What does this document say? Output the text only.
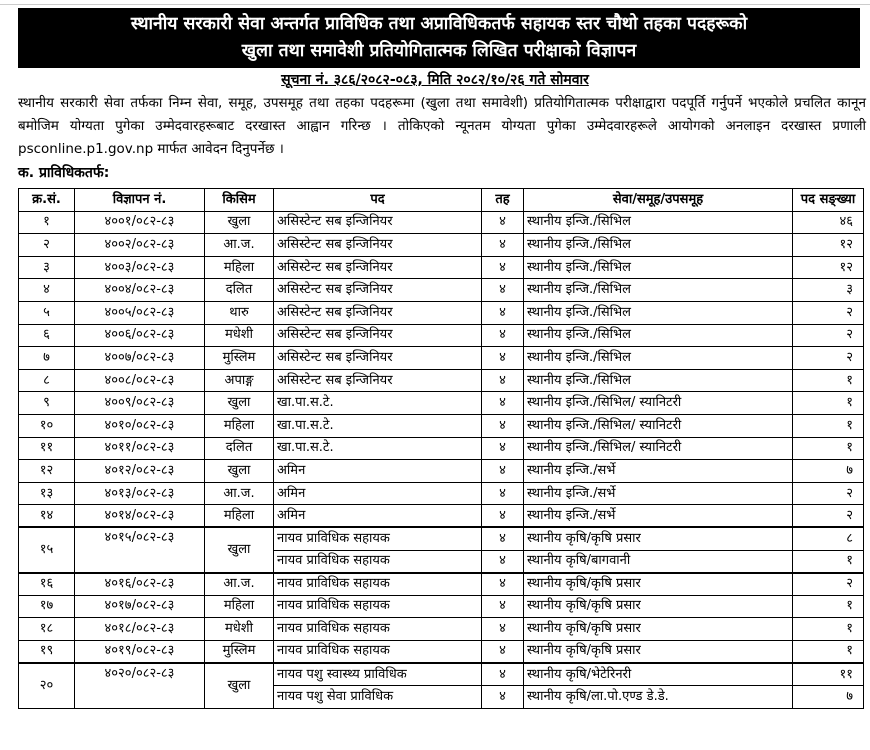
स्थानीय सरकारी सेवा अन्तर्गत प्राविधिक तथा अप्राविधिकतर्फ सहायक स्तर चौथो तहका पदहरूको
खुला तथा समावेशी प्रतियोगितात्मक लिखित परीक्षाको विज्ञापन
सूचना नं. ३८६/२०८२-०८३, मिति २०८२/१०/२६ गते सोमवार
स्थानीय सरकारी सेवा तर्फका निम्न सेवा, समूह, उपसमूह तथा तहका पदहरूमा (खुला तथा समावेशी) प्रतियोगितात्मक परीक्षाद्वारा पदपूर्ति गर्नुपर्ने भएकोले प्रचलित कानून बमोजिम योग्यता पुगेका उम्मेदवारहरूबाट दरखास्त आह्वान गरिन्छ । तोकिएको न्यूनतम योग्यता पुगेका उम्मेदवारहरूले आयोगको अनलाइन दरखास्त प्रणाली psconline.p1.gov.np मार्फत आवेदन दिनुपर्नेछ ।
क. प्राविधिकतर्फ:
क्र.सं.	विज्ञापन नं.	किसिम	पद	तह	सेवा/समूह/उपसमूह	पद सङ्ख्या
१	४००१/०८२-८३	खुला	असिस्टेन्ट सब इन्जिनियर	४	स्थानीय इन्जि./सिभिल	४६
२	४००२/०८२-८३	आ.ज.	असिस्टेन्ट सब इन्जिनियर	४	स्थानीय इन्जि./सिभिल	१२
३	४००३/०८२-८३	महिला	असिस्टेन्ट सब इन्जिनियर	४	स्थानीय इन्जि./सिभिल	१२
४	४००४/०८२-८३	दलित	असिस्टेन्ट सब इन्जिनियर	४	स्थानीय इन्जि./सिभिल	३
५	४००५/०८२-८३	थारु	असिस्टेन्ट सब इन्जिनियर	४	स्थानीय इन्जि./सिभिल	२
६	४००६/०८२-८३	मधेशी	असिस्टेन्ट सब इन्जिनियर	४	स्थानीय इन्जि./सिभिल	२
७	४००७/०८२-८३	मुस्लिम	असिस्टेन्ट सब इन्जिनियर	४	स्थानीय इन्जि./सिभिल	२
८	४००८/०८२-८३	अपाङ्ग	असिस्टेन्ट सब इन्जिनियर	४	स्थानीय इन्जि./सिभिल	१
९	४००९/०८२-८३	खुला	खा.पा.स.टे.	४	स्थानीय इन्जि./सिभिल/ स्यानिटरी	१
१०	४०१०/०८२-८३	महिला	खा.पा.स.टे.	४	स्थानीय इन्जि./सिभिल/ स्यानिटरी	१
११	४०११/०८२-८३	दलित	खा.पा.स.टे.	४	स्थानीय इन्जि./सिभिल/ स्यानिटरी	१
१२	४०१२/०८२-८३	खुला	अमिन	४	स्थानीय इन्जि./सर्भे	७
१३	४०१३/०८२-८३	आ.ज.	अमिन	४	स्थानीय इन्जि./सर्भे	२
१४	४०१४/०८२-८३	महिला	अमिन	४	स्थानीय इन्जि./सर्भे	२
१५	४०१५/०८२-८३	खुला	नायव प्राविधिक सहायक	४	स्थानीय कृषि/कृषि प्रसार	८
			नायव प्राविधिक सहायक	४	स्थानीय कृषि/बागवानी	१
१६	४०१६/०८२-८३	आ.ज.	नायव प्राविधिक सहायक	४	स्थानीय कृषि/कृषि प्रसार	२
१७	४०१७/०८२-८३	महिला	नायव प्राविधिक सहायक	४	स्थानीय कृषि/कृषि प्रसार	१
१८	४०१८/०८२-८३	मधेशी	नायव प्राविधिक सहायक	४	स्थानीय कृषि/कृषि प्रसार	१
१९	४०१९/०८२-८३	मुस्लिम	नायव प्राविधिक सहायक	४	स्थानीय कृषि/कृषि प्रसार	१
२०	४०२०/०८२-८३	खुला	नायव पशु स्वास्थ्य प्राविधिक	४	स्थानीय कृषि/भेटेरिनरी	११
			नायव पशु सेवा प्राविधिक	४	स्थानीय कृषि/ला.पो.एण्ड डे.डे.	७
